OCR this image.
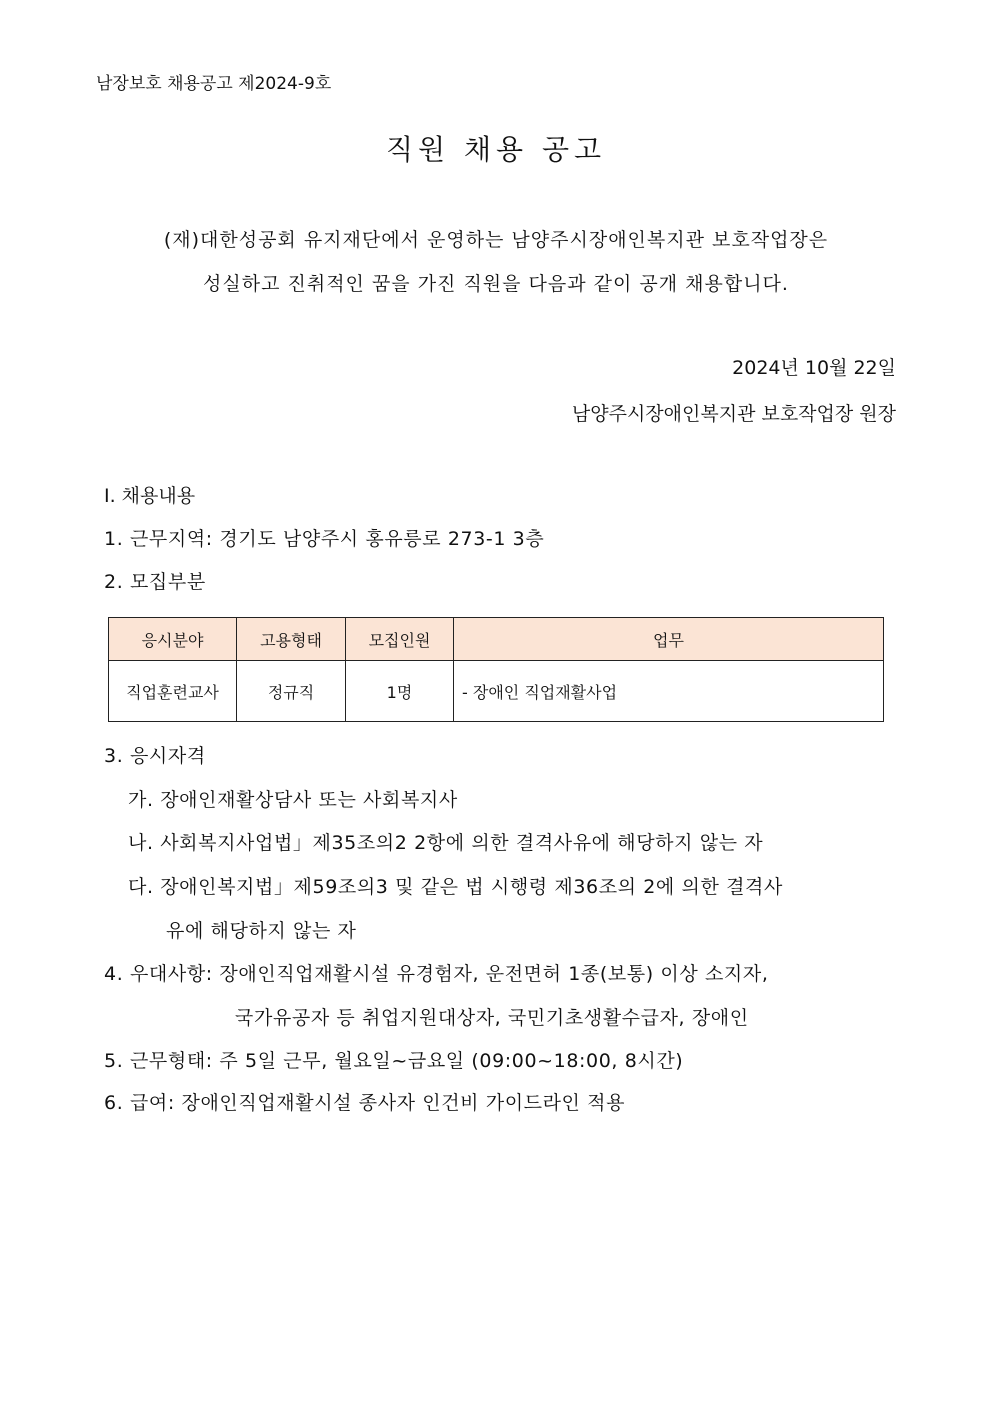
남장보호 채용공고 제2024-9호
직원 채용 공고
(재)대한성공회 유지재단에서 운영하는 남양주시장애인복지관 보호작업장은
성실하고 진취적인 꿈을 가진 직원을 다음과 같이 공개 채용합니다.
2024년 10월 22일
남양주시장애인복지관 보호작업장 원장
Ⅰ. 채용내용
1. 근무지역: 경기도 남양주시 홍유릉로 273-1 3층
2. 모집부분
응시분야	고용형태	모집인원	업무
직업훈련교사	정규직	1명	- 장애인 직업재활사업
3. 응시자격
가. 장애인재활상담사 또는 사회복지사
나. 사회복지사업법」제35조의2 2항에 의한 결격사유에 해당하지 않는 자
다. 장애인복지법」제59조의3 및 같은 법 시행령 제36조의 2에 의한 결격사
유에 해당하지 않는 자
4. 우대사항: 장애인직업재활시설 유경험자, 운전면허 1종(보통) 이상 소지자,
국가유공자 등 취업지원대상자, 국민기초생활수급자, 장애인
5. 근무형태: 주 5일 근무, 월요일~금요일 (09:00~18:00, 8시간)
6. 급여: 장애인직업재활시설 종사자 인건비 가이드라인 적용
